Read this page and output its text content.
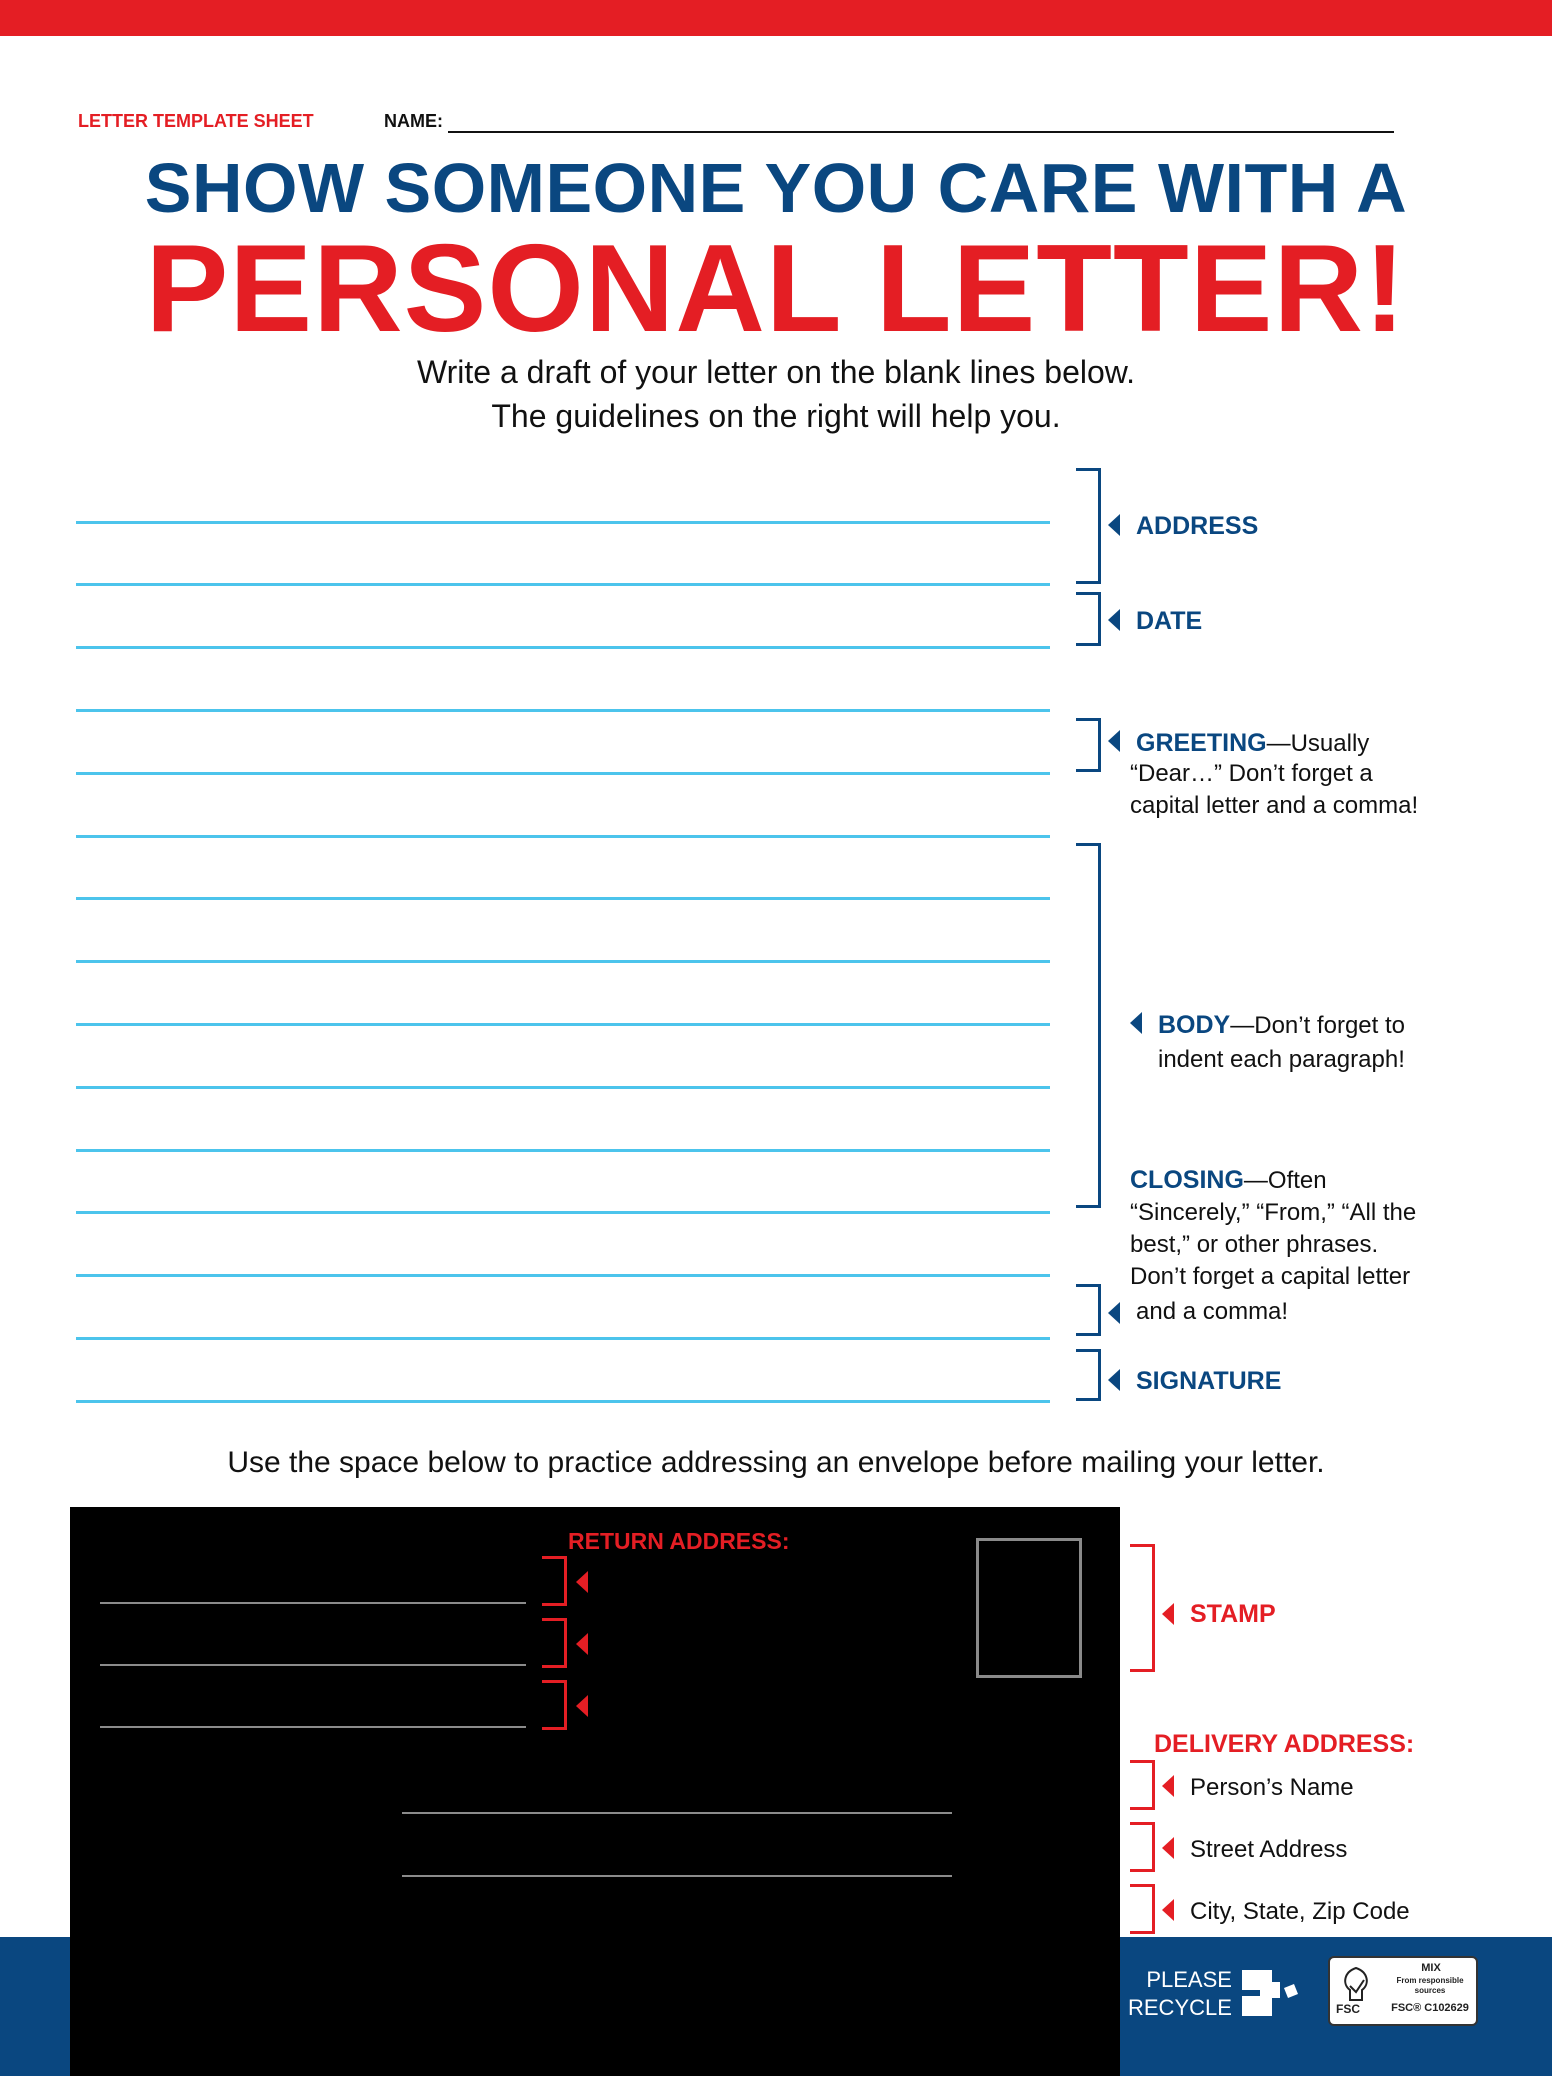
LETTER TEMPLATE SHEET	NAME:
SHOW SOMEONE YOU CARE WITH A
PERSONAL LETTER!
Write a draft of your letter on the blank lines below.
The guidelines on the right will help you.
ADDRESS
DATE
GREETING—Usually
“Dear…” Don’t forget a
capital letter and a comma!
BODY—Don’t forget to
indent each paragraph!
CLOSING—Often
“Sincerely,” “From,” “All the
best,” or other phrases.
Don’t forget a capital letter
and a comma!
SIGNATURE
Use the space below to practice addressing an envelope before mailing your letter.
RETURN ADDRESS:
STAMP
DELIVERY ADDRESS:
Person’s Name
Street Address
City, State, Zip Code
PLEASE
RECYCLE	FSC
MIX
From responsible
sources
FSC® C102629
